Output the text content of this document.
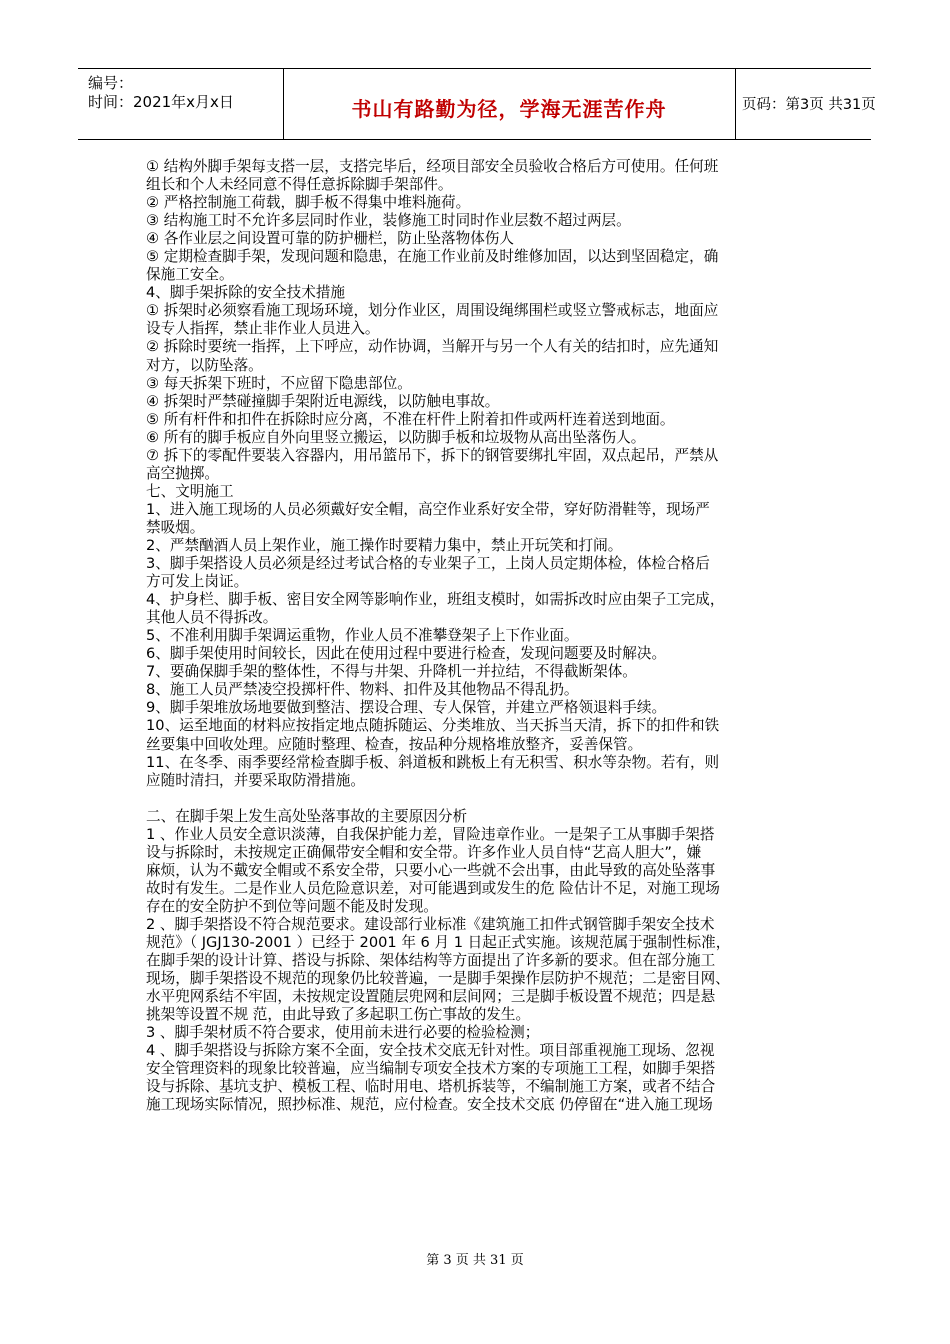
编号：
时间：2021年x月x日	书山有路勤为径，学海无涯苦作舟	页码：第3页 共31页
① 结构外脚手架每支搭一层，支搭完毕后，经项目部安全员验收合格后方可使用。任何班
组长和个人未经同意不得任意拆除脚手架部件。
② 严格控制施工荷载，脚手板不得集中堆料施荷。
③ 结构施工时不允许多层同时作业，装修施工时同时作业层数不超过两层。
④ 各作业层之间设置可靠的防护栅栏，防止坠落物体伤人
⑤ 定期检查脚手架，发现问题和隐患，在施工作业前及时维修加固，以达到坚固稳定，确
保施工安全。
4、脚手架拆除的安全技术措施
① 拆架时必须察看施工现场环境，划分作业区，周围设绳绑围栏或竖立警戒标志，地面应
设专人指挥，禁止非作业人员进入。
② 拆除时要统一指挥，上下呼应，动作协调，当解开与另一个人有关的结扣时，应先通知
对方，以防坠落。
③ 每天拆架下班时，不应留下隐患部位。
④ 拆架时严禁碰撞脚手架附近电源线，以防触电事故。
⑤ 所有杆件和扣件在拆除时应分离，不准在杆件上附着扣件或两杆连着送到地面。
⑥ 所有的脚手板应自外向里竖立搬运，以防脚手板和垃圾物从高出坠落伤人。
⑦ 拆下的零配件要装入容器内，用吊篮吊下，拆下的钢管要绑扎牢固，双点起吊，严禁从
高空抛掷。
七、文明施工
1、进入施工现场的人员必须戴好安全帽，高空作业系好安全带，穿好防滑鞋等，现场严
禁吸烟。
2、严禁酗酒人员上架作业，施工操作时要精力集中，禁止开玩笑和打闹。
3、脚手架搭设人员必须是经过考试合格的专业架子工，上岗人员定期体检，体检合格后
方可发上岗证。
4、护身栏、脚手板、密目安全网等影响作业，班组支模时，如需拆改时应由架子工完成，
其他人员不得拆改。
5、不准利用脚手架调运重物，作业人员不准攀登架子上下作业面。
6、脚手架使用时间较长，因此在使用过程中要进行检查，发现问题要及时解决。
7、要确保脚手架的整体性，不得与井架、升降机一并拉结，不得截断架体。
8、施工人员严禁凌空投掷杆件、物料、扣件及其他物品不得乱扔。
9、脚手架堆放场地要做到整洁、摆设合理、专人保管，并建立严格领退料手续。
10、运至地面的材料应按指定地点随拆随运、分类堆放、当天拆当天清，拆下的扣件和铁
丝要集中回收处理。应随时整理、检查，按品种分规格堆放整齐，妥善保管。
11、在冬季、雨季要经常检查脚手板、斜道板和跳板上有无积雪、积水等杂物。若有，则
应随时清扫，并要采取防滑措施。
二、在脚手架上发生高处坠落事故的主要原因分析
1 、作业人员安全意识淡薄，自我保护能力差，冒险违章作业。一是架子工从事脚手架搭
设与拆除时，未按规定正确佩带安全帽和安全带。许多作业人员自恃“艺高人胆大”，嫌
麻烦，认为不戴安全帽或不系安全带，只要小心一些就不会出事，由此导致的高处坠落事
故时有发生。二是作业人员危险意识差，对可能遇到或发生的危 险估计不足，对施工现场
存在的安全防护不到位等问题不能及时发现。
2 、脚手架搭设不符合规范要求。建设部行业标准《建筑施工扣件式钢管脚手架安全技术
规范》（ JGJ130-2001 ）已经于 2001 年 6 月 1 日起正式实施。该规范属于强制性标准，
在脚手架的设计计算、搭设与拆除、架体结构等方面提出了许多新的要求。但在部分施工
现场，脚手架搭设不规范的现象仍比较普遍，一是脚手架操作层防护不规范；二是密目网、
水平兜网系结不牢固，未按规定设置随层兜网和层间网；三是脚手板设置不规范；四是悬
挑架等设置不规 范，由此导致了多起职工伤亡事故的发生。
3 、脚手架材质不符合要求，使用前未进行必要的检验检测；
4 、脚手架搭设与拆除方案不全面，安全技术交底无针对性。项目部重视施工现场、忽视
安全管理资料的现象比较普遍，应当编制专项安全技术方案的专项施工工程，如脚手架搭
设与拆除、基坑支护、模板工程、临时用电、塔机拆装等，不编制施工方案，或者不结合
施工现场实际情况，照抄标准、规范，应付检查。安全技术交底 仍停留在“进入施工现场
第 3 页 共 31 页
